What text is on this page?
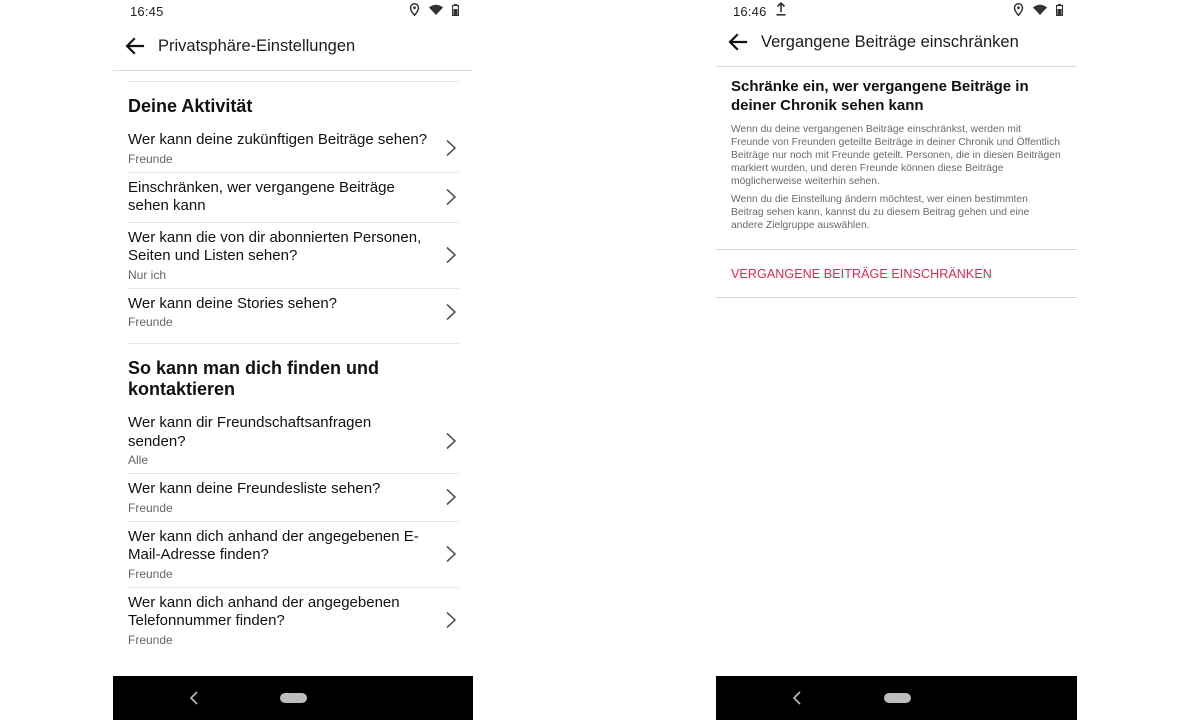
16:45
Privatsphäre-Einstellungen
Deine Aktivität
Wer kann deine zukünftigen Beiträge sehen?
Freunde
Einschränken, wer vergangene Beiträge sehen kann
Wer kann die von dir abonnierten Personen, Seiten und Listen sehen?
Nur ich
Wer kann deine Stories sehen?
Freunde
So kann man dich finden und kontaktieren
Wer kann dir Freundschaftsanfragen senden?
Alle
Wer kann deine Freundesliste sehen?
Freunde
Wer kann dich anhand der angegebenen E-Mail-Adresse finden?
Freunde
Wer kann dich anhand der angegebenen Telefonnummer finden?
Freunde
16:46
Vergangene Beiträge einschränken
Schränke ein, wer vergangene Beiträge in deiner Chronik sehen kann
Wenn du deine vergangenen Beiträge einschränkst, werden mit Freunde von Freunden geteilte Beiträge in deiner Chronik und Öffentlich Beiträge nur noch mit Freunde geteilt. Personen, die in diesen Beiträgen markiert wurden, und deren Freunde können diese Beiträge möglicherweise weiterhin sehen.
Wenn du die Einstellung ändern möchtest, wer einen bestimmten Beitrag sehen kann, kannst du zu diesem Beitrag gehen und eine andere Zielgruppe auswählen.
VERGANGENE BEITRÄGE EINSCHRÄNKEN
